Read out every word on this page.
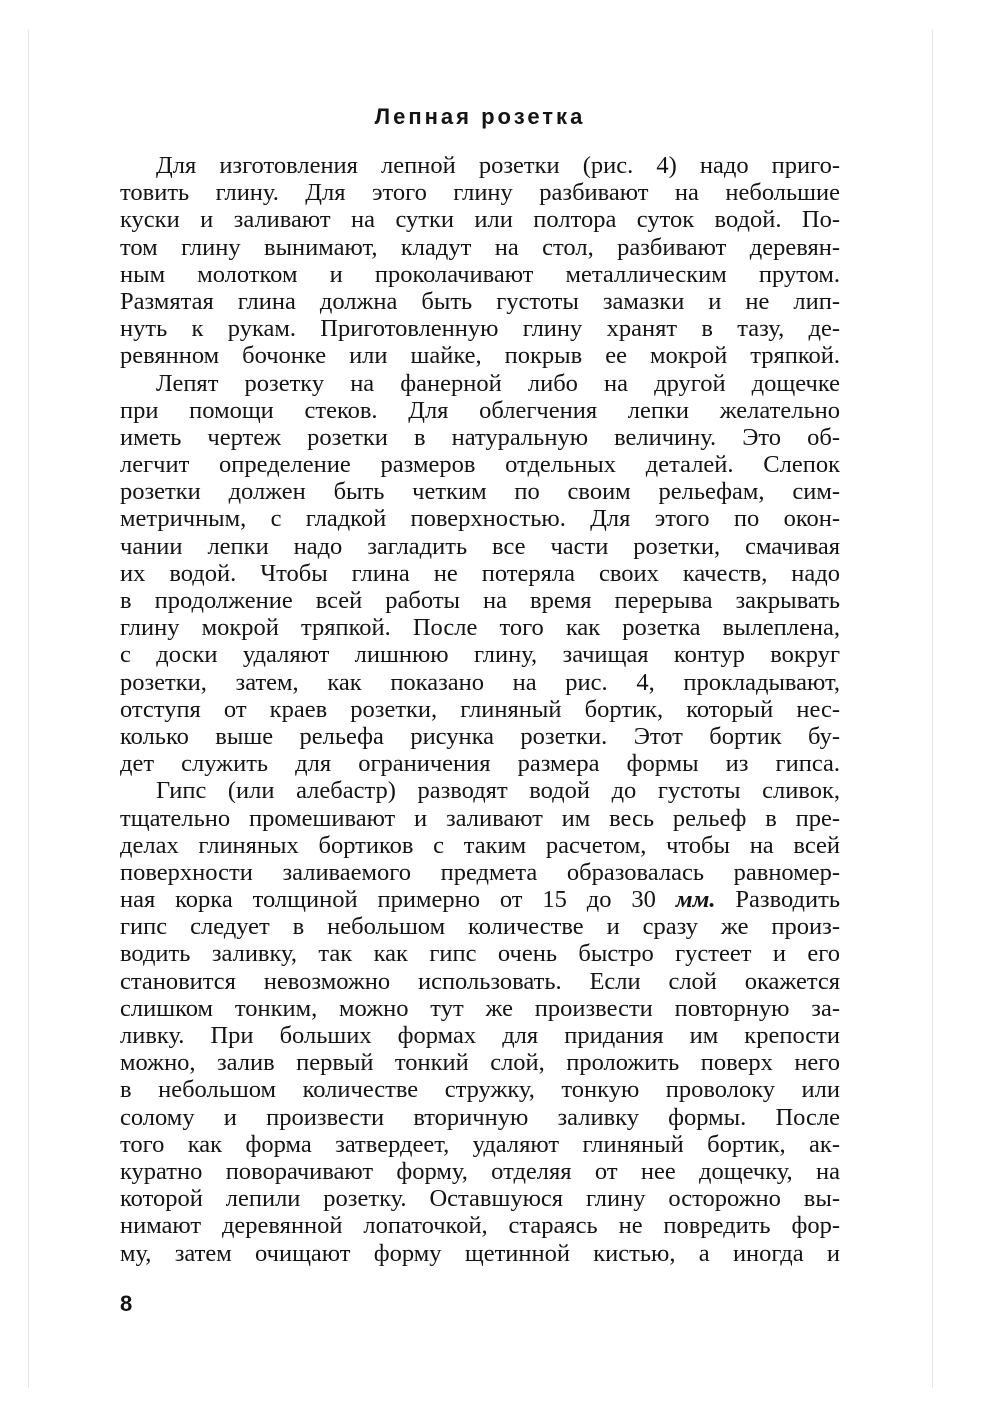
Лепная розетка
Для изготовления лепной розетки (рис. 4) надо приго-
товить глину. Для этого глину разбивают на небольшие
куски и заливают на сутки или полтора суток водой. По-
том глину вынимают, кладут на стол, разбивают деревян-
ным молотком и проколачивают металлическим прутом.
Размятая глина должна быть густоты замазки и не лип-
нуть к рукам. Приготовленную глину хранят в тазу, де-
ревянном бочонке или шайке, покрыв ее мокрой тряпкой.
Лепят розетку на фанерной либо на другой дощечке
при помощи стеков. Для облегчения лепки желательно
иметь чертеж розетки в натуральную величину. Это об-
легчит определение размеров отдельных деталей. Слепок
розетки должен быть четким по своим рельефам, сим-
метричным, с гладкой поверхностью. Для этого по окон-
чании лепки надо загладить все части розетки, смачивая
их водой. Чтобы глина не потеряла своих качеств, надо
в продолжение всей работы на время перерыва закрывать
глину мокрой тряпкой. После того как розетка вылеплена,
с доски удаляют лишнюю глину, зачищая контур вокруг
розетки, затем, как показано на рис. 4, прокладывают,
отступя от краев розетки, глиняный бортик, который нес-
колько выше рельефа рисунка розетки. Этот бортик бу-
дет служить для ограничения размера формы из гипса.
Гипс (или алебастр) разводят водой до густоты сливок,
тщательно промешивают и заливают им весь рельеф в пре-
делах глиняных бортиков с таким расчетом, чтобы на всей
поверхности заливаемого предмета образовалась равномер-
ная корка толщиной примерно от 15 до 30 мм. Разводить
гипс следует в небольшом количестве и сразу же произ-
водить заливку, так как гипс очень быстро густеет и его
становится невозможно использовать. Если слой окажется
слишком тонким, можно тут же произвести повторную за-
ливку. При больших формах для придания им крепости
можно, залив первый тонкий слой, проложить поверх него
в небольшом количестве стружку, тонкую проволоку или
солому и произвести вторичную заливку формы. После
того как форма затвердеет, удаляют глиняный бортик, ак-
куратно поворачивают форму, отделяя от нее дощечку, на
которой лепили розетку. Оставшуюся глину осторожно вы-
нимают деревянной лопаточкой, стараясь не повредить фор-
му, затем очищают форму щетинной кистью, а иногда и
8
